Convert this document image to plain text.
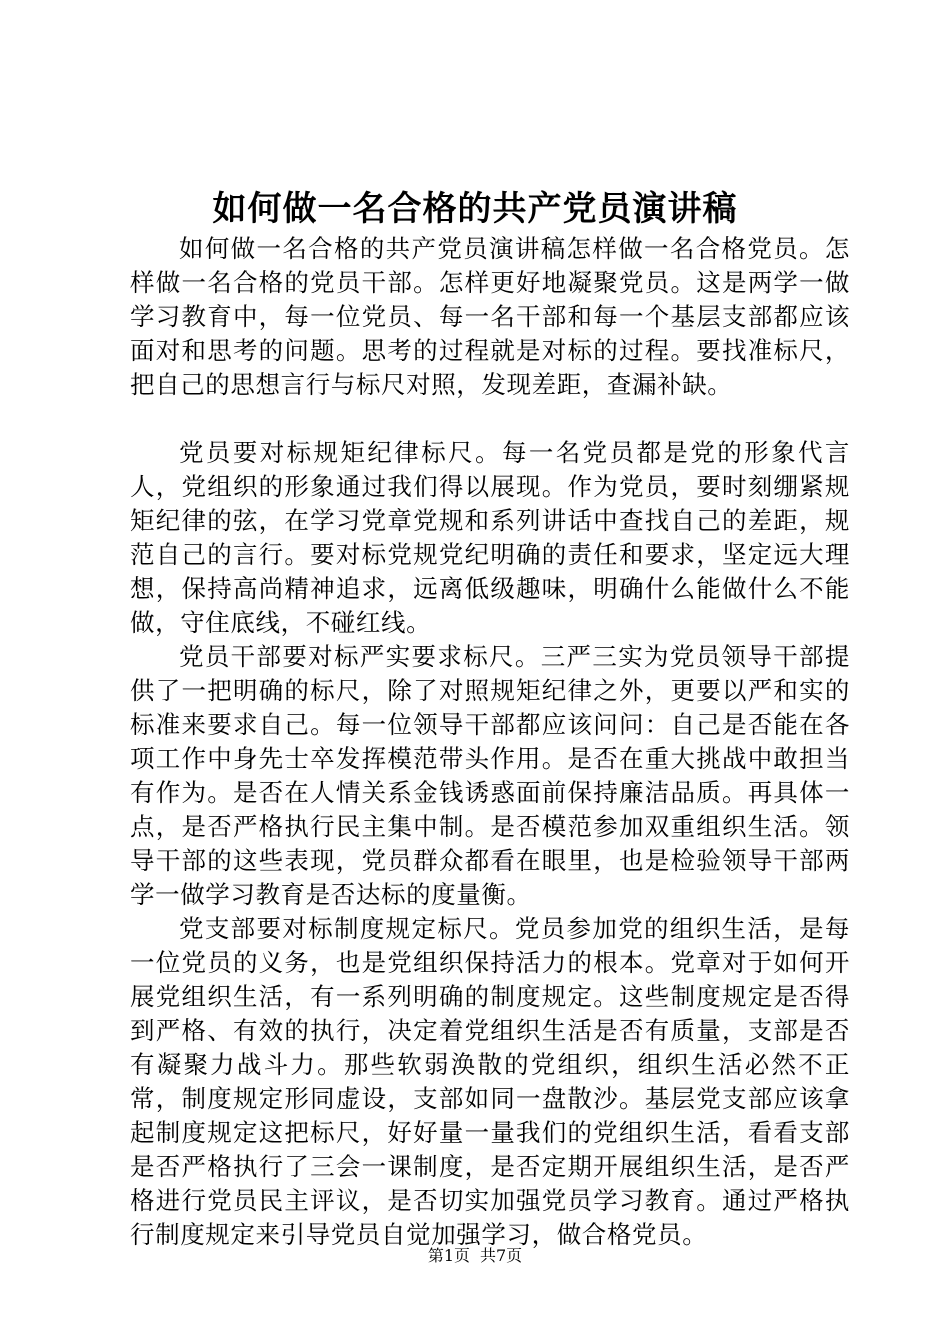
如何做一名合格的共产党员演讲稿

如何做一名合格的共产党员演讲稿怎样做一名合格党员。怎样做一名合格的党员干部。怎样更好地凝聚党员。这是两学一做学习教育中，每一位党员、每一名干部和每一个基层支部都应该面对和思考的问题。思考的过程就是对标的过程。要找准标尺，把自己的思想言行与标尺对照，发现差距，查漏补缺。

党员要对标规矩纪律标尺。每一名党员都是党的形象代言人，党组织的形象通过我们得以展现。作为党员，要时刻绷紧规矩纪律的弦，在学习党章党规和系列讲话中查找自己的差距，规范自己的言行。要对标党规党纪明确的责任和要求，坚定远大理想，保持高尚精神追求，远离低级趣味，明确什么能做什么不能做，守住底线，不碰红线。

党员干部要对标严实要求标尺。三严三实为党员领导干部提供了一把明确的标尺，除了对照规矩纪律之外，更要以严和实的标准来要求自己。每一位领导干部都应该问问：自己是否能在各项工作中身先士卒发挥模范带头作用。是否在重大挑战中敢担当有作为。是否在人情关系金钱诱惑面前保持廉洁品质。再具体一点，是否严格执行民主集中制。是否模范参加双重组织生活。领导干部的这些表现，党员群众都看在眼里，也是检验领导干部两学一做学习教育是否达标的度量衡。

党支部要对标制度规定标尺。党员参加党的组织生活，是每一位党员的义务，也是党组织保持活力的根本。党章对于如何开展党组织生活，有一系列明确的制度规定。这些制度规定是否得到严格、有效的执行，决定着党组织生活是否有质量，支部是否有凝聚力战斗力。那些软弱涣散的党组织，组织生活必然不正常，制度规定形同虚设，支部如同一盘散沙。基层党支部应该拿起制度规定这把标尺，好好量一量我们的党组织生活，看看支部是否严格执行了三会一课制度，是否定期开展组织生活，是否严格进行党员民主评议，是否切实加强党员学习教育。通过严格执行制度规定来引导党员自觉加强学习，做合格党员。

第1页 共7页
